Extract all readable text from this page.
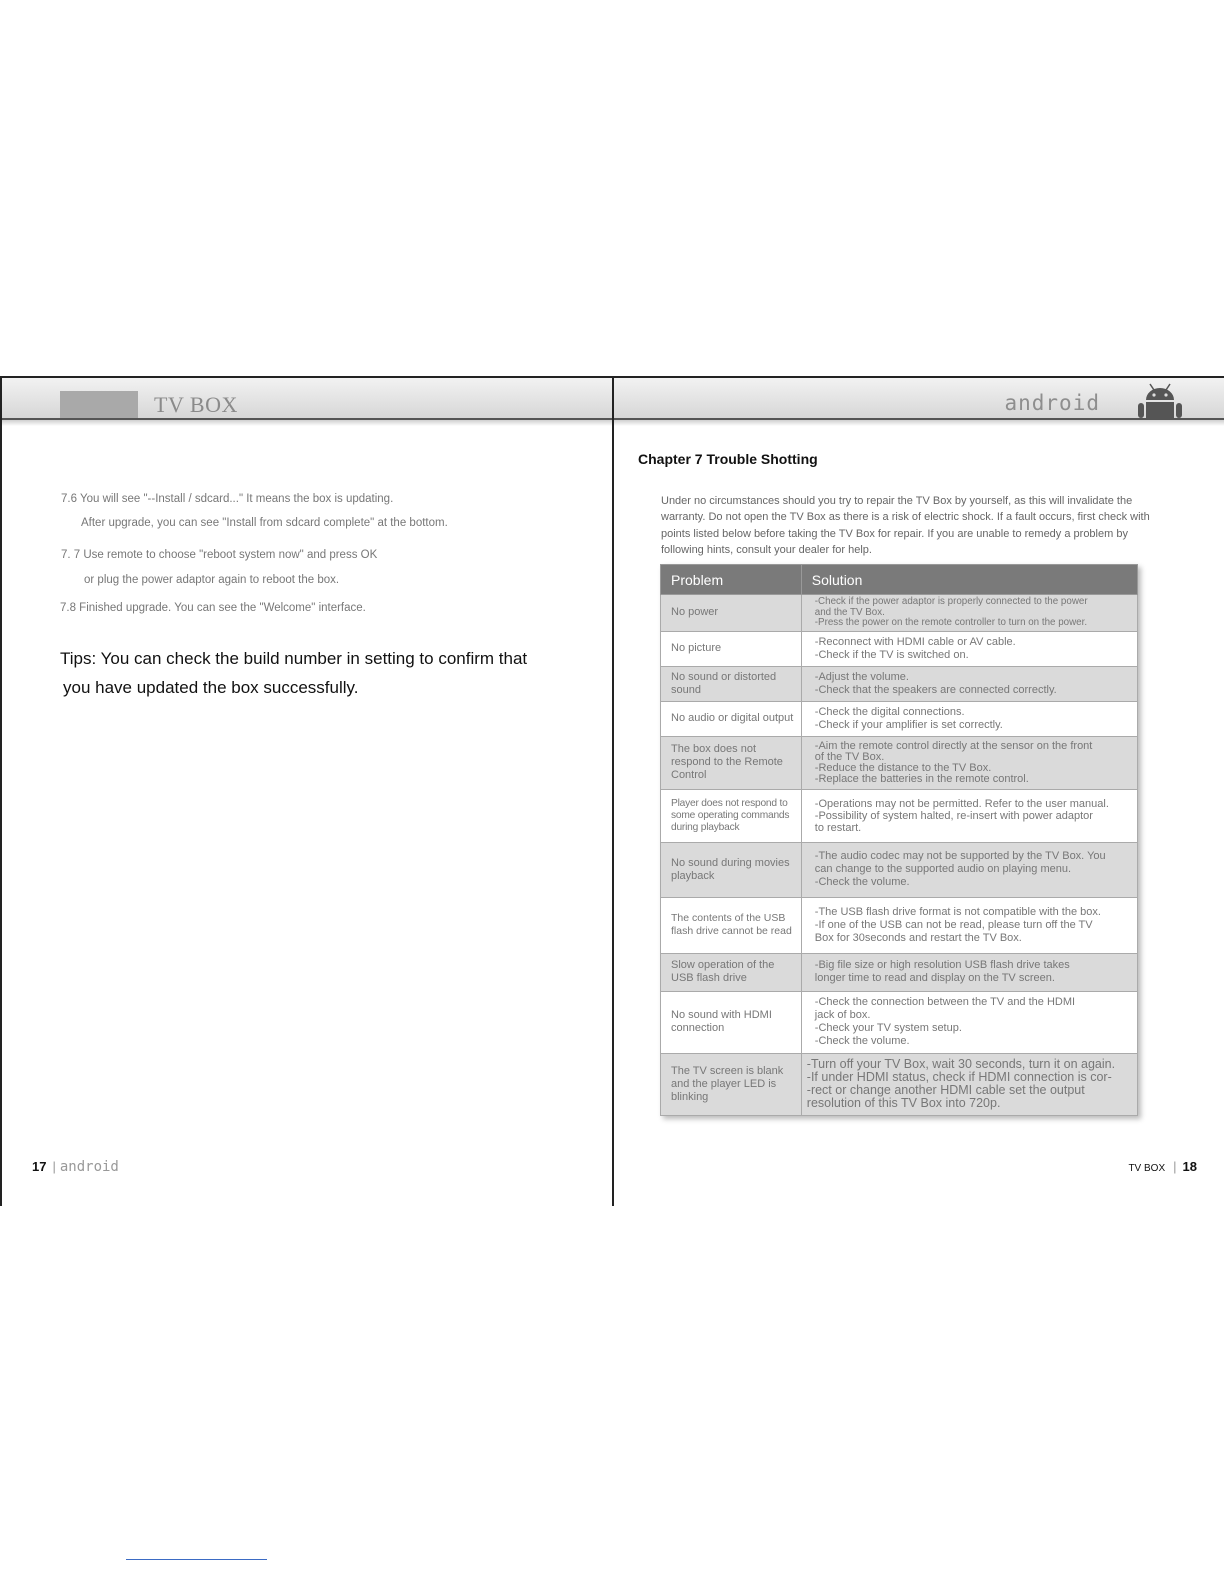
TV BOX
7.6 You will see "--Install / sdcard..." It means the box is updating.
After upgrade, you can see "Install from sdcard complete" at the bottom.
7. 7 Use remote to choose "reboot system now" and press OK
or plug the power adaptor again to reboot the box.
7.8 Finished upgrade. You can see the "Welcome" interface.
Tips: You can check the build number in setting to confirm that
you have updated the box successfully.
17 | android
android
Chapter 7 Trouble Shotting
Under no circumstances should you try to repair the TV Box by yourself, as this will invalidate the warranty. Do not open the TV Box as there is a risk of electric shock. If a fault occurs, first check with points listed below before taking the TV Box for repair. If you are unable to remedy a problem by following hints, consult your dealer for help.
Problem	Solution
No power	-Check if the power adaptor is properly connected to the power
and the TV Box.
-Press the power on the remote controller to turn on the power.
No picture	-Reconnect with HDMI cable or AV cable.
-Check if the TV is switched on.
No sound or distorted sound	-Adjust the volume.
-Check that the speakers are connected correctly.
No audio or digital output	-Check the digital connections.
-Check if your amplifier is set correctly.
The box does not respond to the Remote Control	-Aim the remote control directly at the sensor on the front
of the TV Box.
-Reduce the distance to the TV Box.
-Replace the batteries in the remote control.
Player does not respond to some operating commands during playback	-Operations may not be permitted. Refer to the user manual.
-Possibility of system halted, re-insert with power adaptor
to restart.
No sound during movies playback	-The audio codec may not be supported by the TV Box. You
can change to the supported audio on playing menu.
-Check the volume.
The contents of the USB flash drive cannot be read	-The USB flash drive format is not compatible with the box.
-If one of the USB can not be read, please turn off the TV
Box for 30seconds and restart the TV Box.
Slow operation of the USB flash drive	-Big file size or high resolution USB flash drive takes
longer time to read and display on the TV screen.
No sound with HDMI connection	-Check the connection between the TV and the HDMI
jack of box.
-Check your TV system setup.
-Check the volume.
The TV screen is blank and the player LED is blinking	-Turn off your TV Box, wait 30 seconds, turn it on again.
-If under HDMI status, check if HDMI connection is cor-
-rect or change another HDMI cable set the output
resolution of this TV Box into 720p.
TV BOX | 18
